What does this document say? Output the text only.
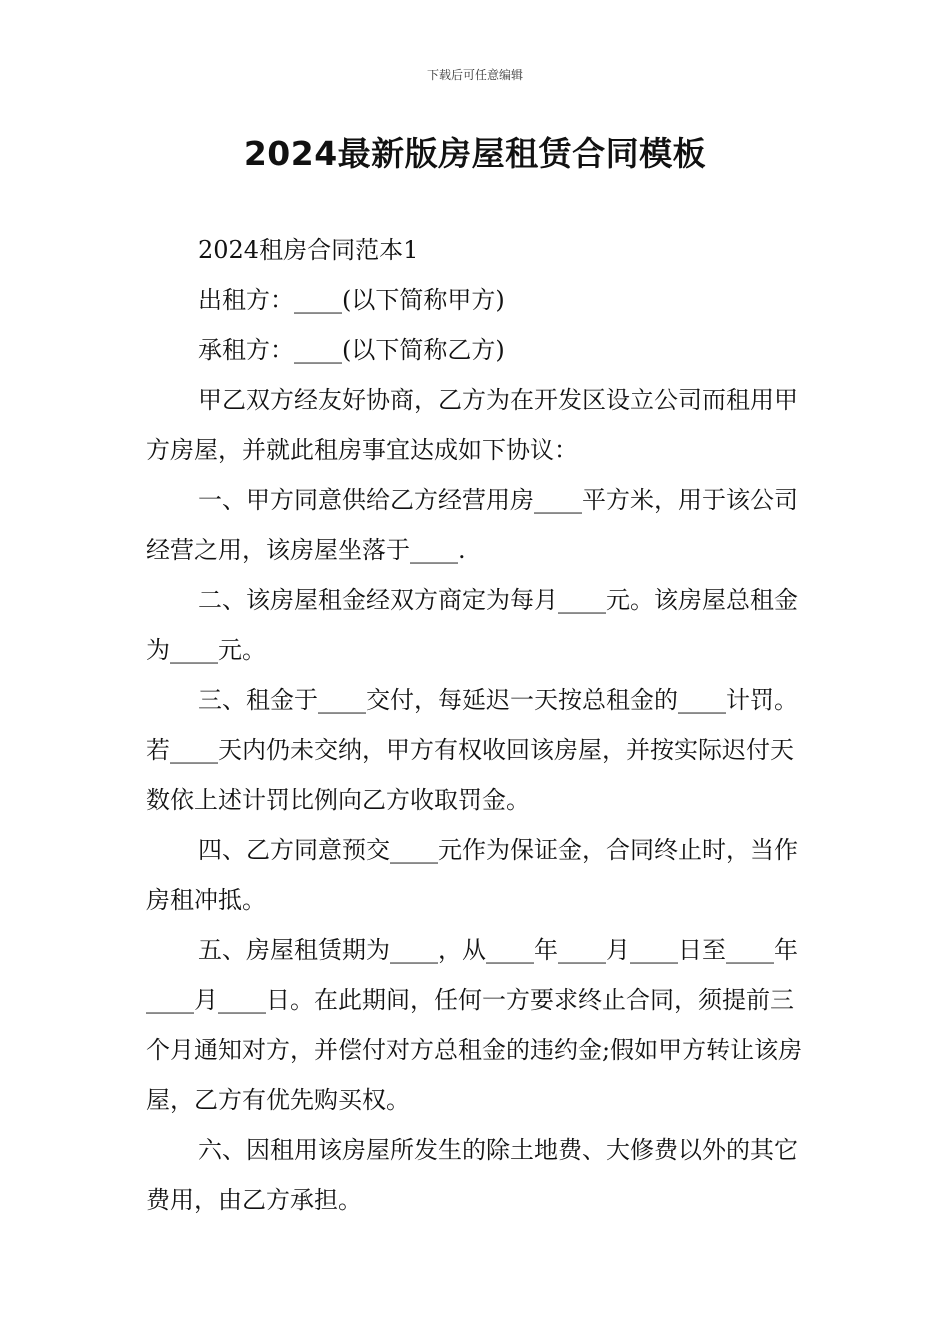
下载后可任意编辑
2024最新版房屋租赁合同模板

2024租房合同范本1

出租方：____(以下简称甲方)

承租方：____(以下简称乙方)

甲乙双方经友好协商，乙方为在开发区设立公司而租用甲方房屋，并就此租房事宜达成如下协议：

一、甲方同意供给乙方经营用房____平方米，用于该公司经营之用，该房屋坐落于____.

二、该房屋租金经双方商定为每月____元。该房屋总租金为____元。

三、租金于____交付，每延迟一天按总租金的____计罚。若____天内仍未交纳，甲方有权收回该房屋，并按实际迟付天数依上述计罚比例向乙方收取罚金。

四、乙方同意预交____元作为保证金，合同终止时，当作房租冲抵。

五、房屋租赁期为____，从____年____月____日至____年____月____日。在此期间，任何一方要求终止合同，须提前三个月通知对方，并偿付对方总租金的违约金;假如甲方转让该房屋，乙方有优先购买权。

六、因租用该房屋所发生的除土地费、大修费以外的其它费用，由乙方承担。
